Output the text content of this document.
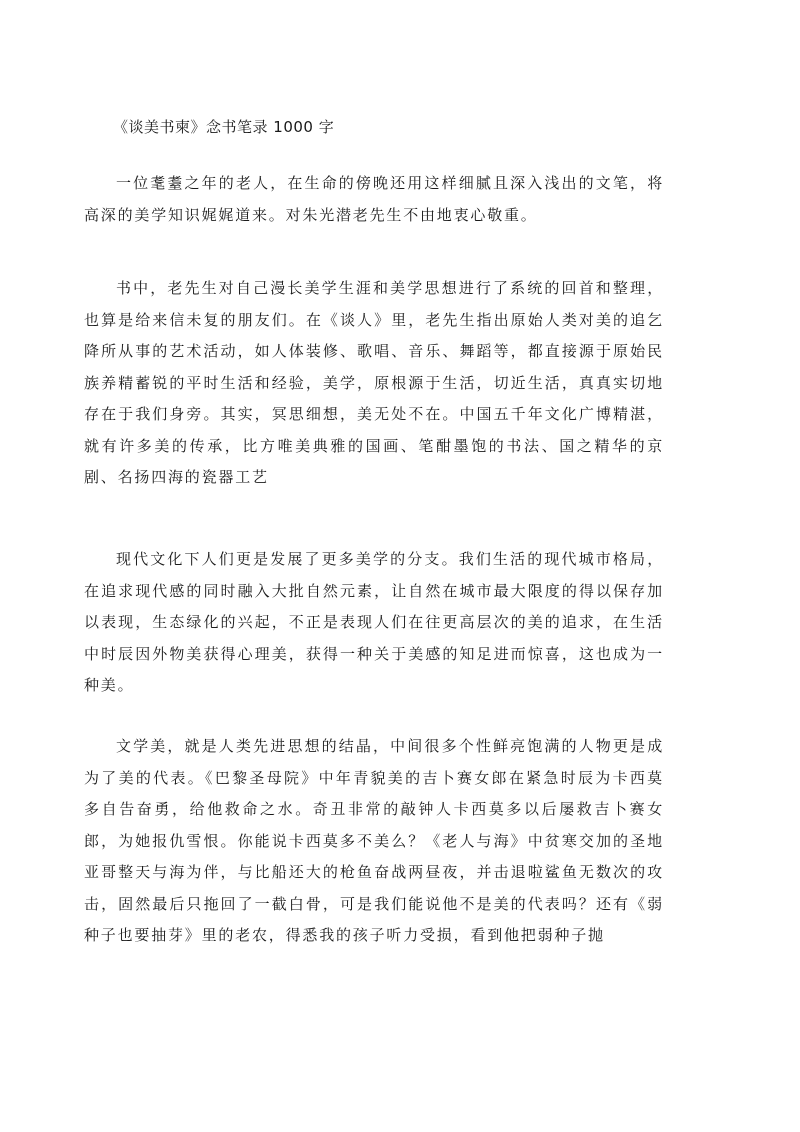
《谈美书柬》念书笔录 1000 字

一位耄耋之年的老人，在生命的傍晚还用这样细腻且深入浅出的文笔，将高深的美学知识娓娓道来。对朱光潜老先生不由地衷心敬重。

书中，老先生对自己漫长美学生涯和美学思想进行了系统的回首和整理，也算是给来信未复的朋友们。在《谈人》里，老先生指出原始人类对美的追乞降所从事的艺术活动，如人体装修、歌唱、音乐、舞蹈等，都直接源于原始民族养精蓄锐的平时生活和经验，美学，原根源于生活，切近生活，真真实切地存在于我们身旁。其实，冥思细想，美无处不在。中国五千年文化广博精湛，就有许多美的传承，比方唯美典雅的国画、笔酣墨饱的书法、国之精华的京剧、名扬四海的瓷器工艺

现代文化下人们更是发展了更多美学的分支。我们生活的现代城市格局，在追求现代感的同时融入大批自然元素，让自然在城市最大限度的得以保存加以表现，生态绿化的兴起，不正是表现人们在往更高层次的美的追求，在生活中时辰因外物美获得心理美，获得一种关于美感的知足进而惊喜，这也成为一种美。

文学美，就是人类先进思想的结晶，中间很多个性鲜亮饱满的人物更是成为了美的代表。《巴黎圣母院》中年青貌美的吉卜赛女郎在紧急时辰为卡西莫多自告奋勇，给他救命之水。奇丑非常的敲钟人卡西莫多以后屡救吉卜赛女郎，为她报仇雪恨。你能说卡西莫多不美么？《老人与海》中贫寒交加的圣地亚哥整天与海为伴，与比船还大的枪鱼奋战两昼夜，并击退啦鲨鱼无数次的攻击，固然最后只拖回了一截白骨，可是我们能说他不是美的代表吗？还有《弱种子也要抽芽》里的老农，得悉我的孩子听力受损，看到他把弱种子抛
